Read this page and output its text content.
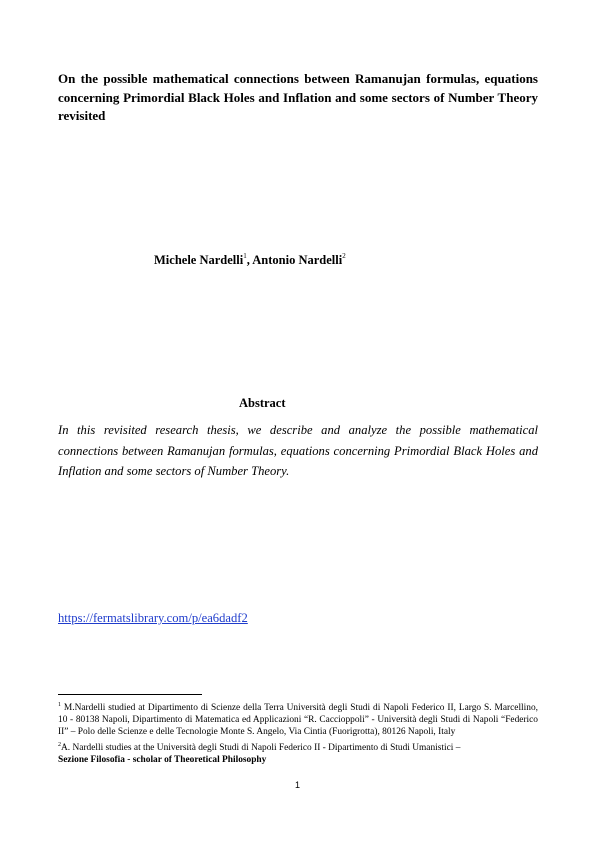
On the possible mathematical connections between Ramanujan formulas, equations concerning Primordial Black Holes and Inflation and some sectors of Number Theory revisited

Michele Nardelli$^1$, Antonio Nardelli$^2$
Abstract

In this revisited research thesis, we describe and analyze the possible mathematical connections between Ramanujan formulas, equations concerning Primordial Black Holes and Inflation and some sectors of Number Theory.

https://fermatslibrary.com/p/ea6dadf2

$^1$ M.Nardelli studied at Dipartimento di Scienze della Terra Università degli Studi di Napoli Federico II, Largo S. Marcellino, 10 - 80138 Napoli, Dipartimento di Matematica ed Applicazioni “R. Caccioppoli” - Università degli Studi di Napoli “Federico II” – Polo delle Scienze e delle Tecnologie Monte S. Angelo, Via Cintia (Fuorigrotta), 80126 Napoli, Italy

$^2$A. Nardelli studies at the Università degli Studi di Napoli Federico II - Dipartimento di Studi Umanistici –
Sezione Filosofia - scholar of Theoretical Philosophy

1
